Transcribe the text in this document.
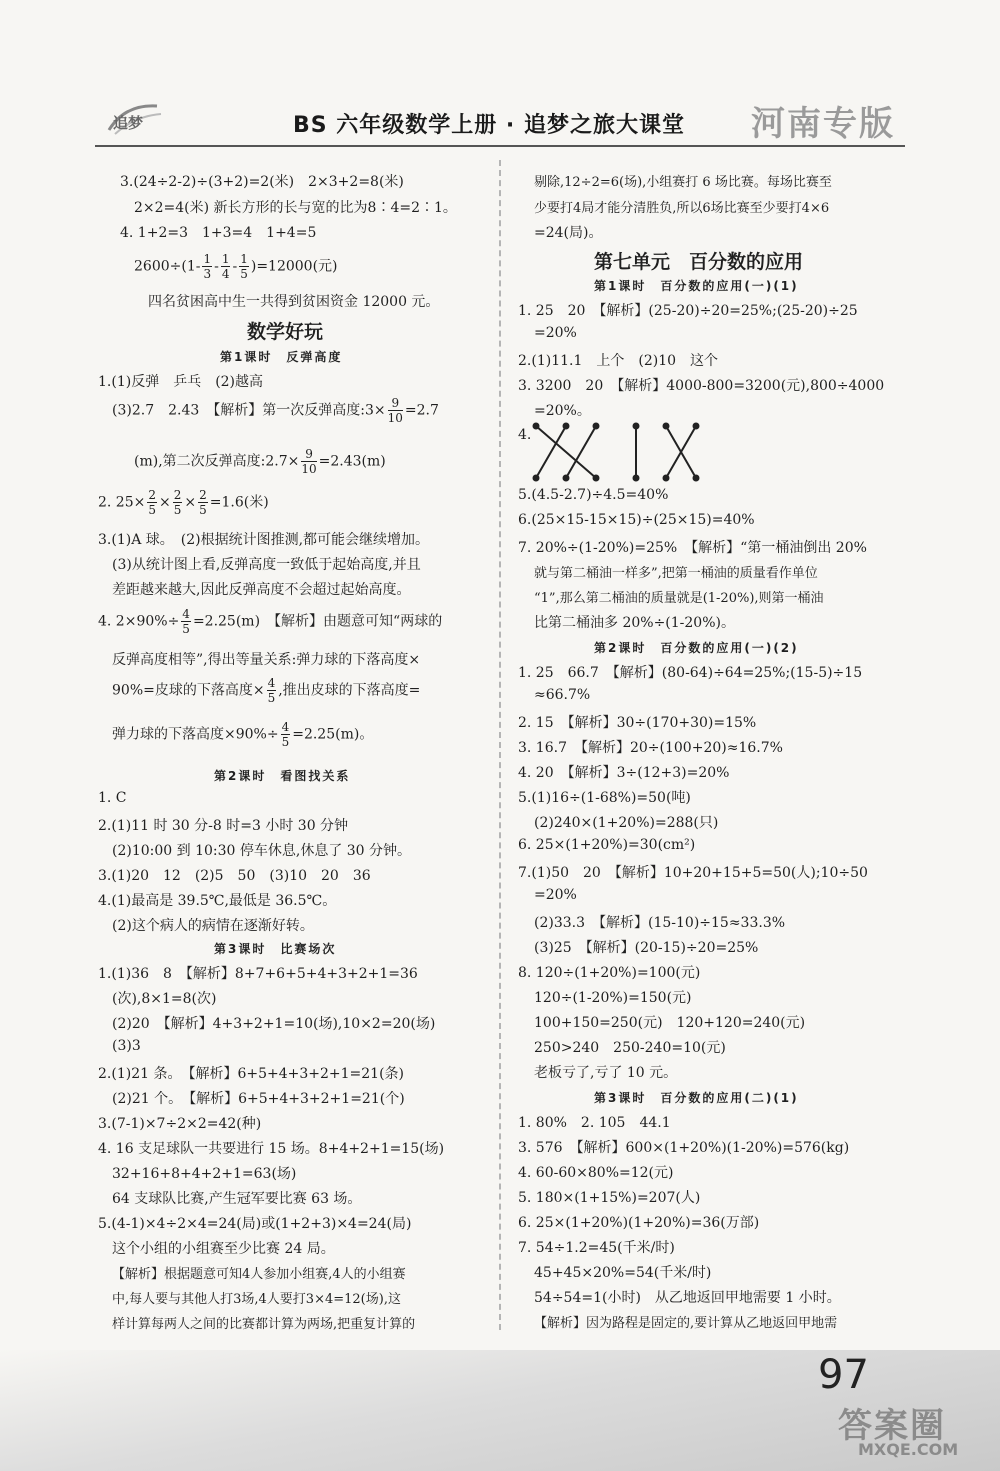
追梦	BS 六年级数学上册 · 追梦之旅大课堂 河南专版
3.(24÷2-2)÷(3+2)=2(米)　2×3+2=8(米)
2×2=4(米) 新长方形的长与宽的比为8∶4=2∶1。
4. 1+2=3　1+3=4　1+4=5
$2600\div(1- \frac{1}{3} - \frac{1}{4} - \frac{1}{5} )=12000$(元)
四名贫困高中生一共得到贫困资金 12000 元。
数学好玩
第1课时　反弹高度
1.(1)反弹　乒乓　(2)越高
(3)2.7　2.43　【解析】第一次反弹高度:3× $\frac{9}{10} =2.7$
(m),第二次反弹高度:2.7× $\frac{9}{10} =2.43(m)$
2. $25\times \frac{2}{5} \times \frac{2}{5} \times \frac{2}{5} =1.6$(米)
3.(1)A 球。　(2)根据统计图推测,都可能会继续增加。
(3)从统计图上看,反弹高度一致低于起始高度,并且
差距越来越大,因此反弹高度不会超过起始高度。
4. $2\times 90\%\div \frac{4}{5} =2.25(m)$　【解析】由题意可知“两球的
反弹高度相等”,得出等量关系:弹力球的下落高度×
90%=皮球的下落高度× $\frac{4}{5}$ ,推出皮球的下落高度=
弹力球的下落高度$\times 90\%\div \frac{4}{5} =2.25(m)$。
第2课时　看图找关系
1. C
2.(1)11 时 30 分-8 时=3 小时 30 分钟
(2)10:00 到 10:30 停车休息,休息了 30 分钟。
3.(1)20　12　(2)5　50　(3)10　20　36
4.(1)最高是 39.5℃,最低是 36.5℃。
(2)这个病人的病情在逐渐好转。
第3课时　比赛场次
1.(1)36　8　【解析】8+7+6+5+4+3+2+1=36
(次),8×1=8(次)
(2)20　【解析】4+3+2+1=10(场),10×2=20(场)
(3)3
2.(1)21 条。　【解析】6+5+4+3+2+1=21(条)
(2)21 个。　【解析】6+5+4+3+2+1=21(个)
3.(7-1)×7÷2×2=42(种)
4. 16 支足球队一共要进行 15 场。8+4+2+1=15(场)
32+16+8+4+2+1=63(场)
64 支球队比赛,产生冠军要比赛 63 场。
5.(4-1)×4÷2×4=24(局)或(1+2+3)×4=24(局)
这个小组的小组赛至少比赛 24 局。
【解析】根据题意可知4人参加小组赛,4人的小组赛
中,每人要与其他人打3场,4人要打3×4=12(场),这
样计算每两人之间的比赛都计算为两场,把重复计算的
剔除,12÷2=6(场),小组赛打 6 场比赛。每场比赛至
少要打4局才能分清胜负,所以6场比赛至少要打4×6
=24(局)。
第七单元　百分数的应用
第1课时　百分数的应用(一)(1)
1. 25　20　【解析】(25-20)÷20=25%;(25-20)÷25
=20%
2.(1)11.1　上个　(2)10　这个
3. 3200　20　【解析】4000-800=3200(元),800÷4000
=20%。
4.
5.(4.5-2.7)÷4.5=40%
6.(25×15-15×15)÷(25×15)=40%
7. 20%÷(1-20%)=25%　【解析】“第一桶油倒出 20%
就与第二桶油一样多”,把第一桶油的质量看作单位
“1”,那么第二桶油的质量就是(1-20%),则第一桶油
比第二桶油多 20%÷(1-20%)。
第2课时　百分数的应用(一)(2)
1. 25　66.7　【解析】(80-64)÷64=25%;(15-5)÷15
≈66.7%
2. 15　【解析】30÷(170+30)=15%
3. 16.7　【解析】20÷(100+20)≈16.7%
4. 20　【解析】3÷(12+3)=20%
5.(1)16÷(1-68%)=50(吨)
(2)240×(1+20%)=288(只)
6. 25×(1+20%)=30(cm²)
7.(1)50　20　【解析】10+20+15+5=50(人);10÷50
=20%
(2)33.3　【解析】(15-10)÷15≈33.3%
(3)25　【解析】(20-15)÷20=25%
8. 120÷(1+20%)=100(元)
120÷(1-20%)=150(元)
100+150=250(元)　120+120=240(元)
250>240　250-240=10(元)
老板亏了,亏了 10 元。
第3课时　百分数的应用(二)(1)
1. 80%　2. 105　44.1
3. 576　【解析】600×(1+20%)(1-20%)=576(kg)
4. 60-60×80%=12(元)
5. 180×(1+15%)=207(人)
6. 25×(1+20%)(1+20%)=36(万部)
7. 54÷1.2=45(千米/时)
45+45×20%=54(千米/时)
54÷54=1(小时)　从乙地返回甲地需要 1 小时。
【解析】因为路程是固定的,要计算从乙地返回甲地需
97
答案圈
MXQE.COM
